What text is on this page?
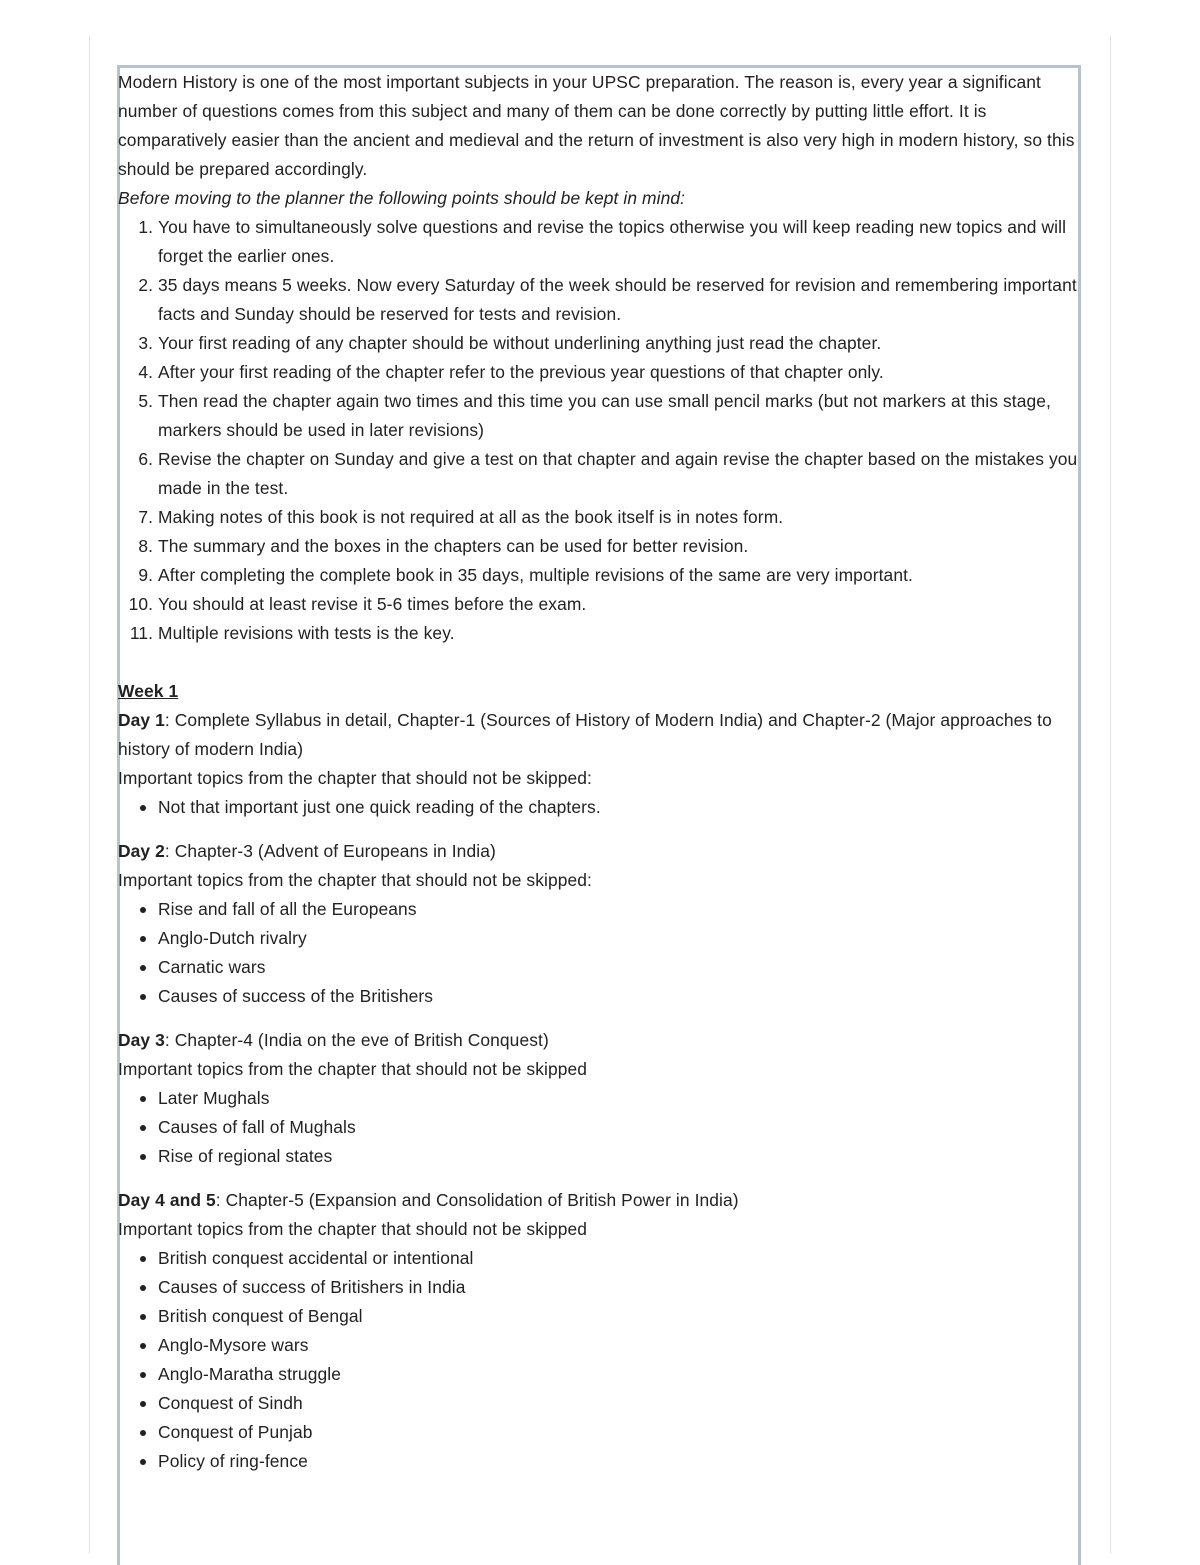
Modern History is one of the most important subjects in your UPSC preparation. The reason is, every year a significant number of questions comes from this subject and many of them can be done correctly by putting little effort. It is comparatively easier than the ancient and medieval and the return of investment is also very high in modern history, so this should be prepared accordingly.

Before moving to the planner the following points should be kept in mind:

1. You have to simultaneously solve questions and revise the topics otherwise you will keep reading new topics and will forget the earlier ones.
2. 35 days means 5 weeks. Now every Saturday of the week should be reserved for revision and remembering important facts and Sunday should be reserved for tests and revision.
3. Your first reading of any chapter should be without underlining anything just read the chapter.
4. After your first reading of the chapter refer to the previous year questions of that chapter only.
5. Then read the chapter again two times and this time you can use small pencil marks (but not markers at this stage, markers should be used in later revisions)
6. Revise the chapter on Sunday and give a test on that chapter and again revise the chapter based on the mistakes you made in the test.
7. Making notes of this book is not required at all as the book itself is in notes form.
8. The summary and the boxes in the chapters can be used for better revision.
9. After completing the complete book in 35 days, multiple revisions of the same are very important.
10. You should at least revise it 5-6 times before the exam.
11. Multiple revisions with tests is the key.

Week 1

Day 1: Complete Syllabus in detail, Chapter-1 (Sources of History of Modern India) and Chapter-2 (Major approaches to history of modern India)

Important topics from the chapter that should not be skipped:

Not that important just one quick reading of the chapters.

Day 2: Chapter-3 (Advent of Europeans in India)

Important topics from the chapter that should not be skipped:

Rise and fall of all the Europeans
Anglo-Dutch rivalry
Carnatic wars
Causes of success of the Britishers

Day 3: Chapter-4 (India on the eve of British Conquest)

Important topics from the chapter that should not be skipped

Later Mughals
Causes of fall of Mughals
Rise of regional states

Day 4 and 5: Chapter-5 (Expansion and Consolidation of British Power in India)

Important topics from the chapter that should not be skipped

British conquest accidental or intentional
Causes of success of Britishers in India
British conquest of Bengal
Anglo-Mysore wars
Anglo-Maratha struggle
Conquest of Sindh
Conquest of Punjab
Policy of ring-fence
